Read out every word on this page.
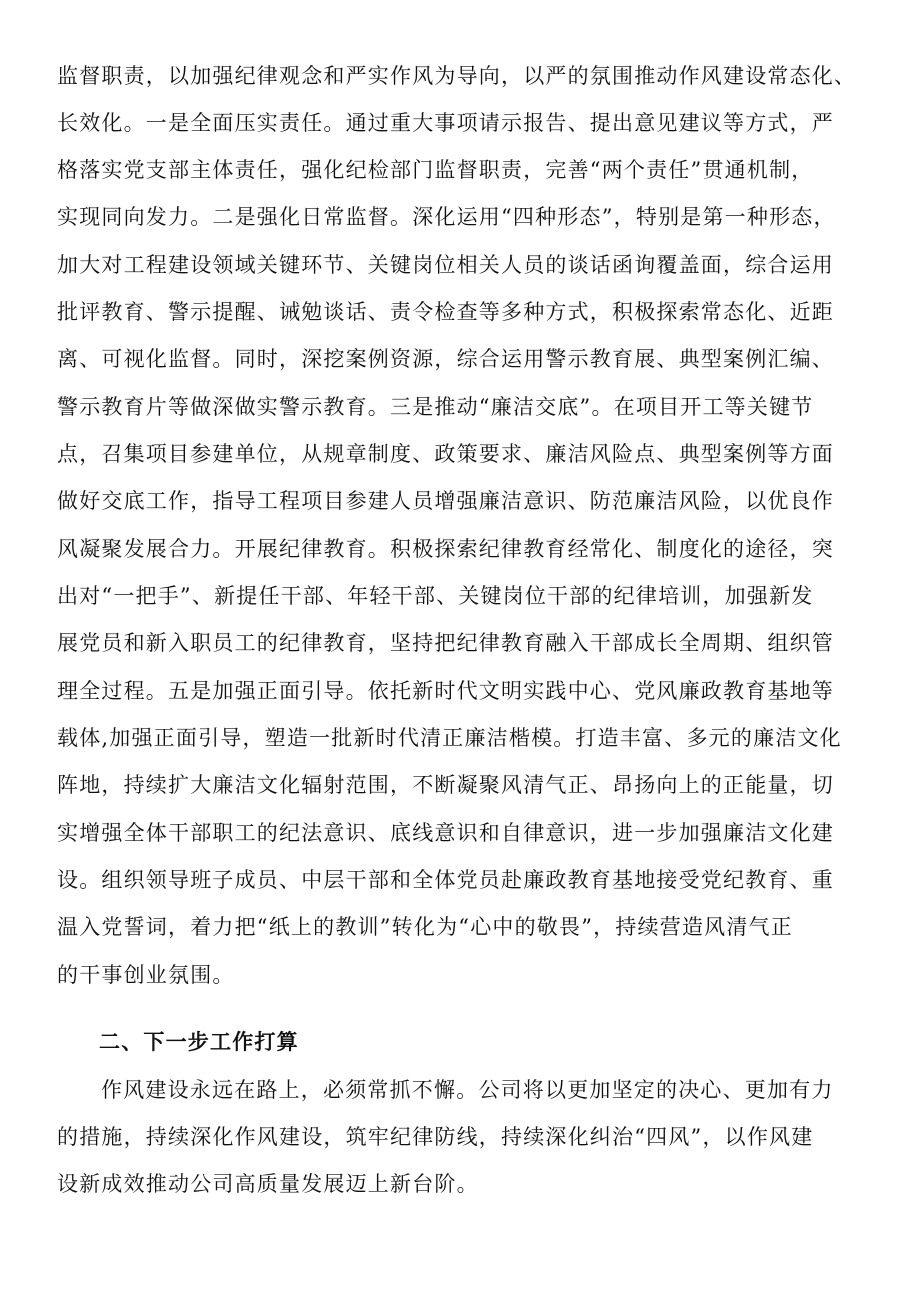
监督职责，以加强纪律观念和严实作风为导向，以严的氛围推动作风建设常态化、
长效化。一是全面压实责任。通过重大事项请示报告、提出意见建议等方式，严
格落实党支部主体责任，强化纪检部门监督职责，完善“两个责任”贯通机制，
实现同向发力。二是强化日常监督。深化运用“四种形态”，特别是第一种形态，
加大对工程建设领域关键环节、关键岗位相关人员的谈话函询覆盖面，综合运用
批评教育、警示提醒、诫勉谈话、责令检查等多种方式，积极探索常态化、近距
离、可视化监督。同时，深挖案例资源，综合运用警示教育展、典型案例汇编、
警示教育片等做深做实警示教育。三是推动“廉洁交底”。在项目开工等关键节
点，召集项目参建单位，从规章制度、政策要求、廉洁风险点、典型案例等方面
做好交底工作，指导工程项目参建人员增强廉洁意识、防范廉洁风险，以优良作
风凝聚发展合力。开展纪律教育。积极探索纪律教育经常化、制度化的途径，突
出对“一把手”、新提任干部、年轻干部、关键岗位干部的纪律培训，加强新发
展党员和新入职员工的纪律教育，坚持把纪律教育融入干部成长全周期、组织管
理全过程。五是加强正面引导。依托新时代文明实践中心、党风廉政教育基地等
载体,加强正面引导，塑造一批新时代清正廉洁楷模。打造丰富、多元的廉洁文化
阵地，持续扩大廉洁文化辐射范围，不断凝聚风清气正、昂扬向上的正能量，切
实增强全体干部职工的纪法意识、底线意识和自律意识，进一步加强廉洁文化建
设。组织领导班子成员、中层干部和全体党员赴廉政教育基地接受党纪教育、重
温入党誓词，着力把“纸上的教训”转化为“心中的敬畏”，持续营造风清气正
的干事创业氛围。
二、下一步工作打算
作风建设永远在路上，必须常抓不懈。公司将以更加坚定的决心、更加有力
的措施，持续深化作风建设，筑牢纪律防线，持续深化纠治“四风”，以作风建
设新成效推动公司高质量发展迈上新台阶。
